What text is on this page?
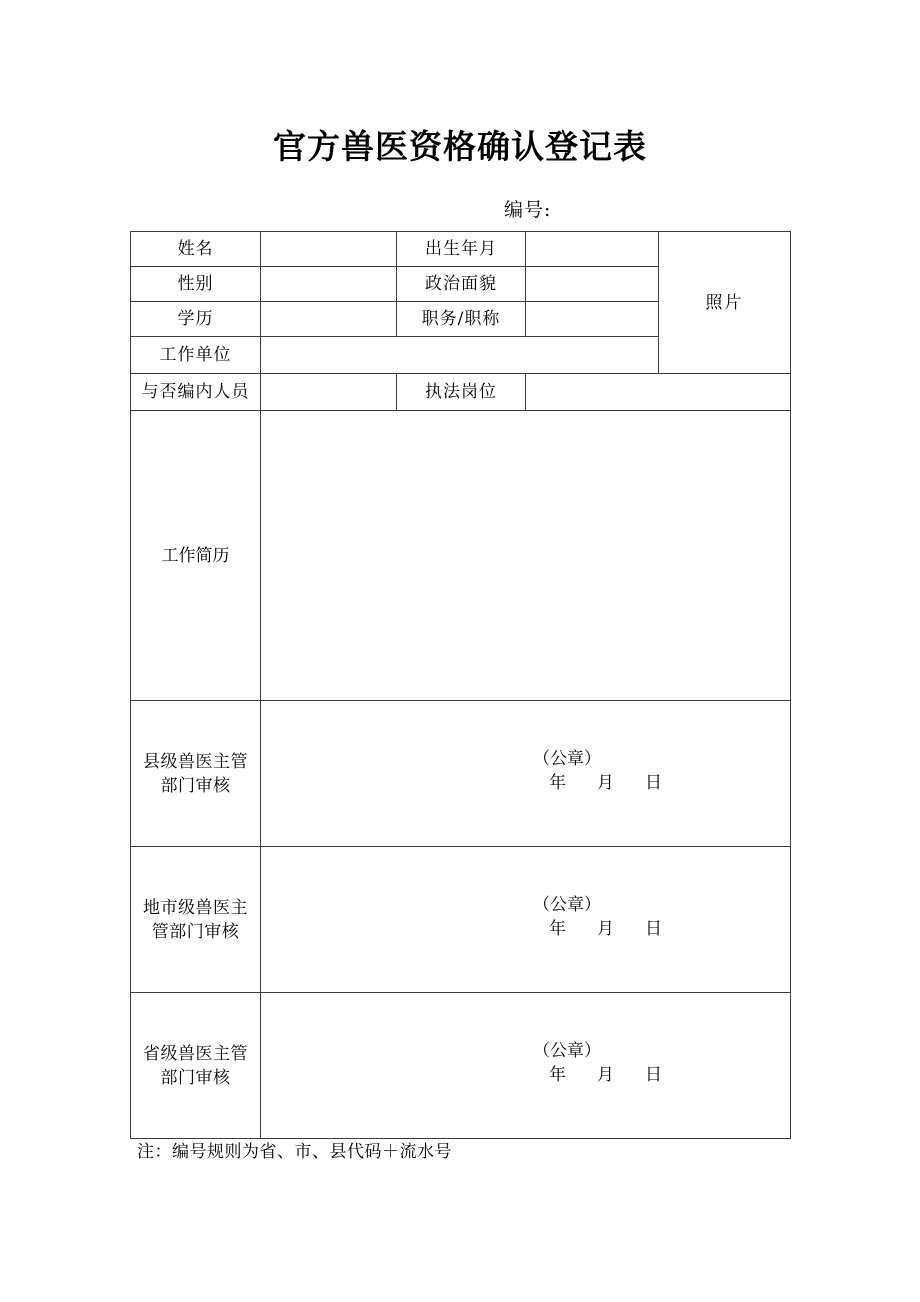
官方兽医资格确认登记表
编号:
姓名		出生年月		照片
性别		政治面貌		
学历		职务/职称		
工作单位				
与否编内人员		执法岗位		
工作简历				
县级兽医主管
部门审核	（公章）
年 月 日			

地市级兽医主
管部门审核	（公章）
年 月 日			

省级兽医主管
部门审核	（公章）
年 月 日			
注：编号规则为省、市、县代码＋流水号
